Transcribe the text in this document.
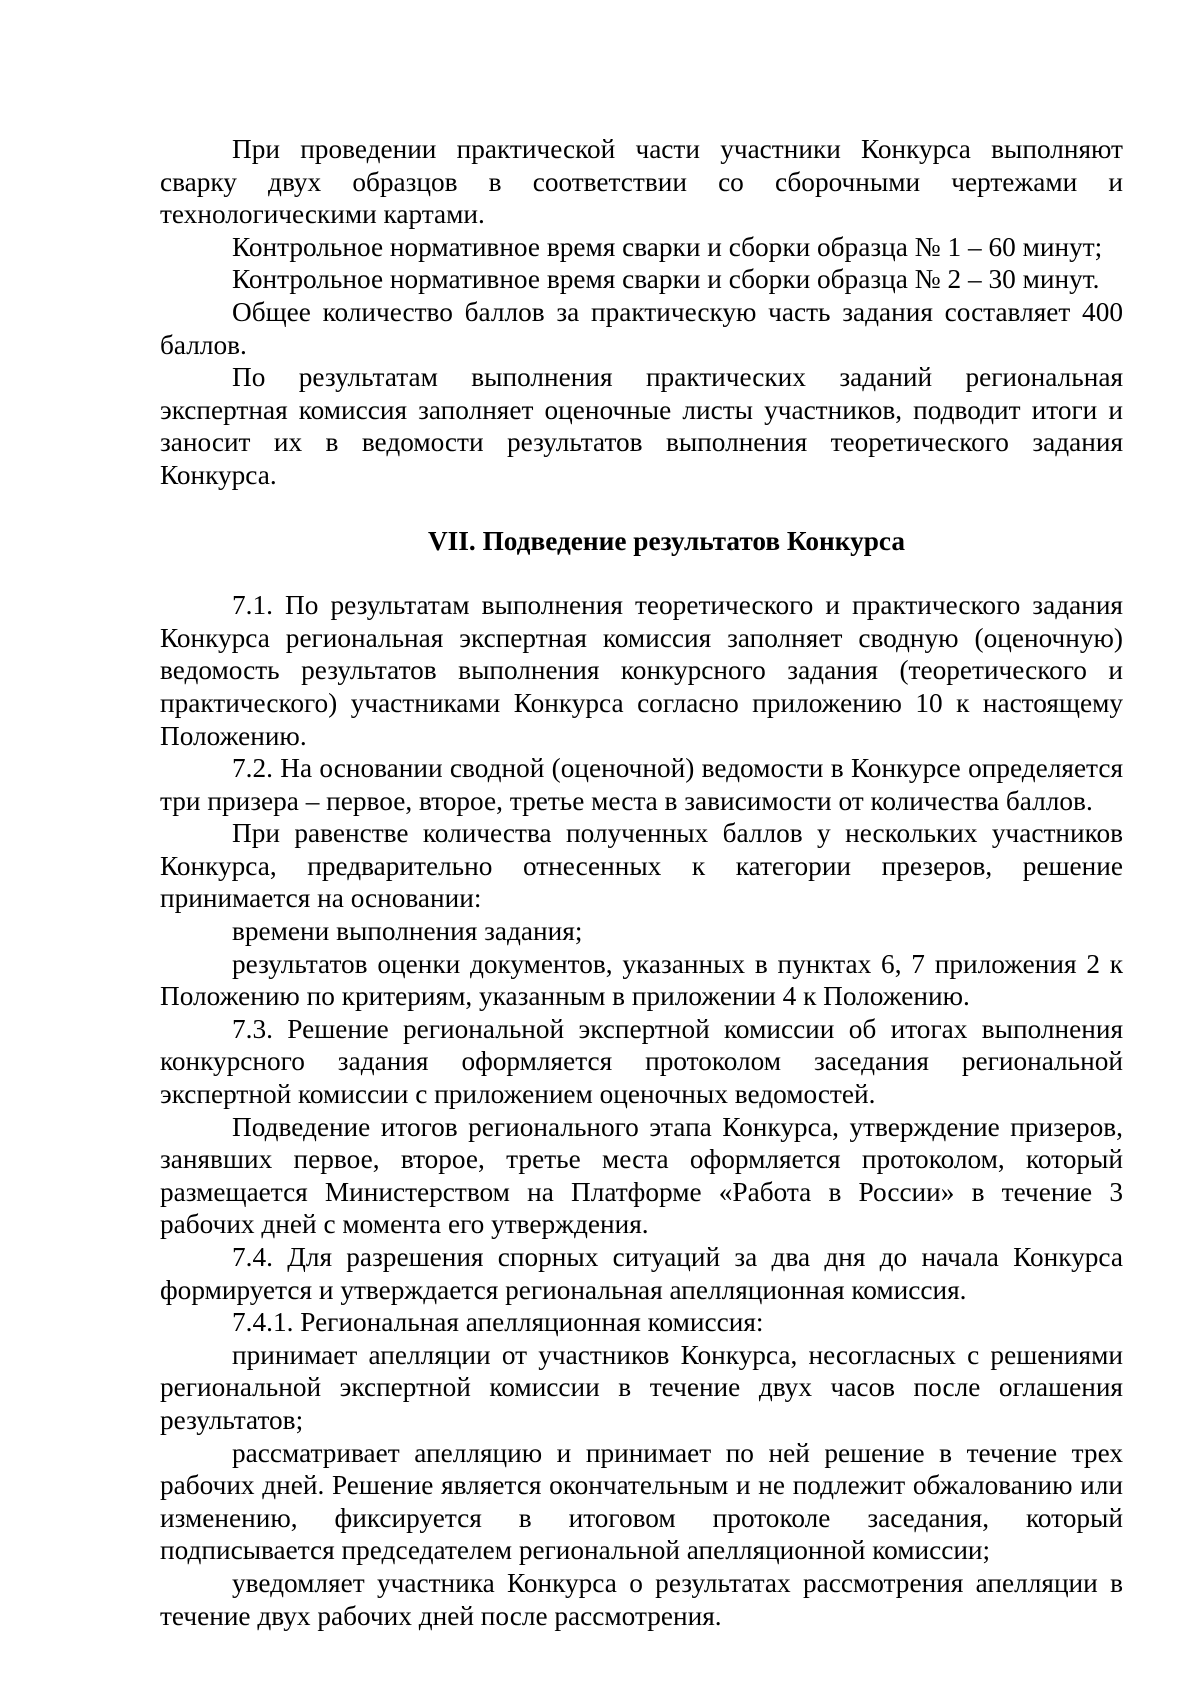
При проведении практической части участники Конкурса выполняют сварку двух образцов в соответствии со сборочными чертежами и технологическими картами.

Контрольное нормативное время сварки и сборки образца № 1 – 60 минут;

Контрольное нормативное время сварки и сборки образца № 2 – 30 минут.

Общее количество баллов за практическую часть задания составляет 400 баллов.

По результатам выполнения практических заданий региональная экспертная комиссия заполняет оценочные листы участников, подводит итоги и заносит их в ведомости результатов выполнения теоретического задания Конкурса.

VII. Подведение результатов Конкурса

7.1. По результатам выполнения теоретического и практического задания Конкурса региональная экспертная комиссия заполняет сводную (оценочную) ведомость результатов выполнения конкурсного задания (теоретического и практического) участниками Конкурса согласно приложению 10 к настоящему Положению.

7.2. На основании сводной (оценочной) ведомости в Конкурсе определяется три призера – первое, второе, третье места в зависимости от количества баллов.

При равенстве количества полученных баллов у нескольких участников Конкурса, предварительно отнесенных к категории презеров, решение принимается на основании:

времени выполнения задания;

результатов оценки документов, указанных в пунктах 6, 7 приложения 2 к Положению по критериям, указанным в приложении 4 к Положению.

7.3. Решение региональной экспертной комиссии об итогах выполнения конкурсного задания оформляется протоколом заседания региональной экспертной комиссии с приложением оценочных ведомостей.

Подведение итогов регионального этапа Конкурса, утверждение призеров, занявших первое, второе, третье места оформляется протоколом, который размещается Министерством на Платформе «Работа в России» в течение 3 рабочих дней с момента его утверждения.

7.4. Для разрешения спорных ситуаций за два дня до начала Конкурса формируется и утверждается региональная апелляционная комиссия.

7.4.1. Региональная апелляционная комиссия:

принимает апелляции от участников Конкурса, несогласных с решениями региональной экспертной комиссии в течение двух часов после оглашения результатов;

рассматривает апелляцию и принимает по ней решение в течение трех рабочих дней. Решение является окончательным и не подлежит обжалованию или изменению, фиксируется в итоговом протоколе заседания, который подписывается председателем региональной апелляционной комиссии;

уведомляет участника Конкурса о результатах рассмотрения апелляции в течение двух рабочих дней после рассмотрения.
